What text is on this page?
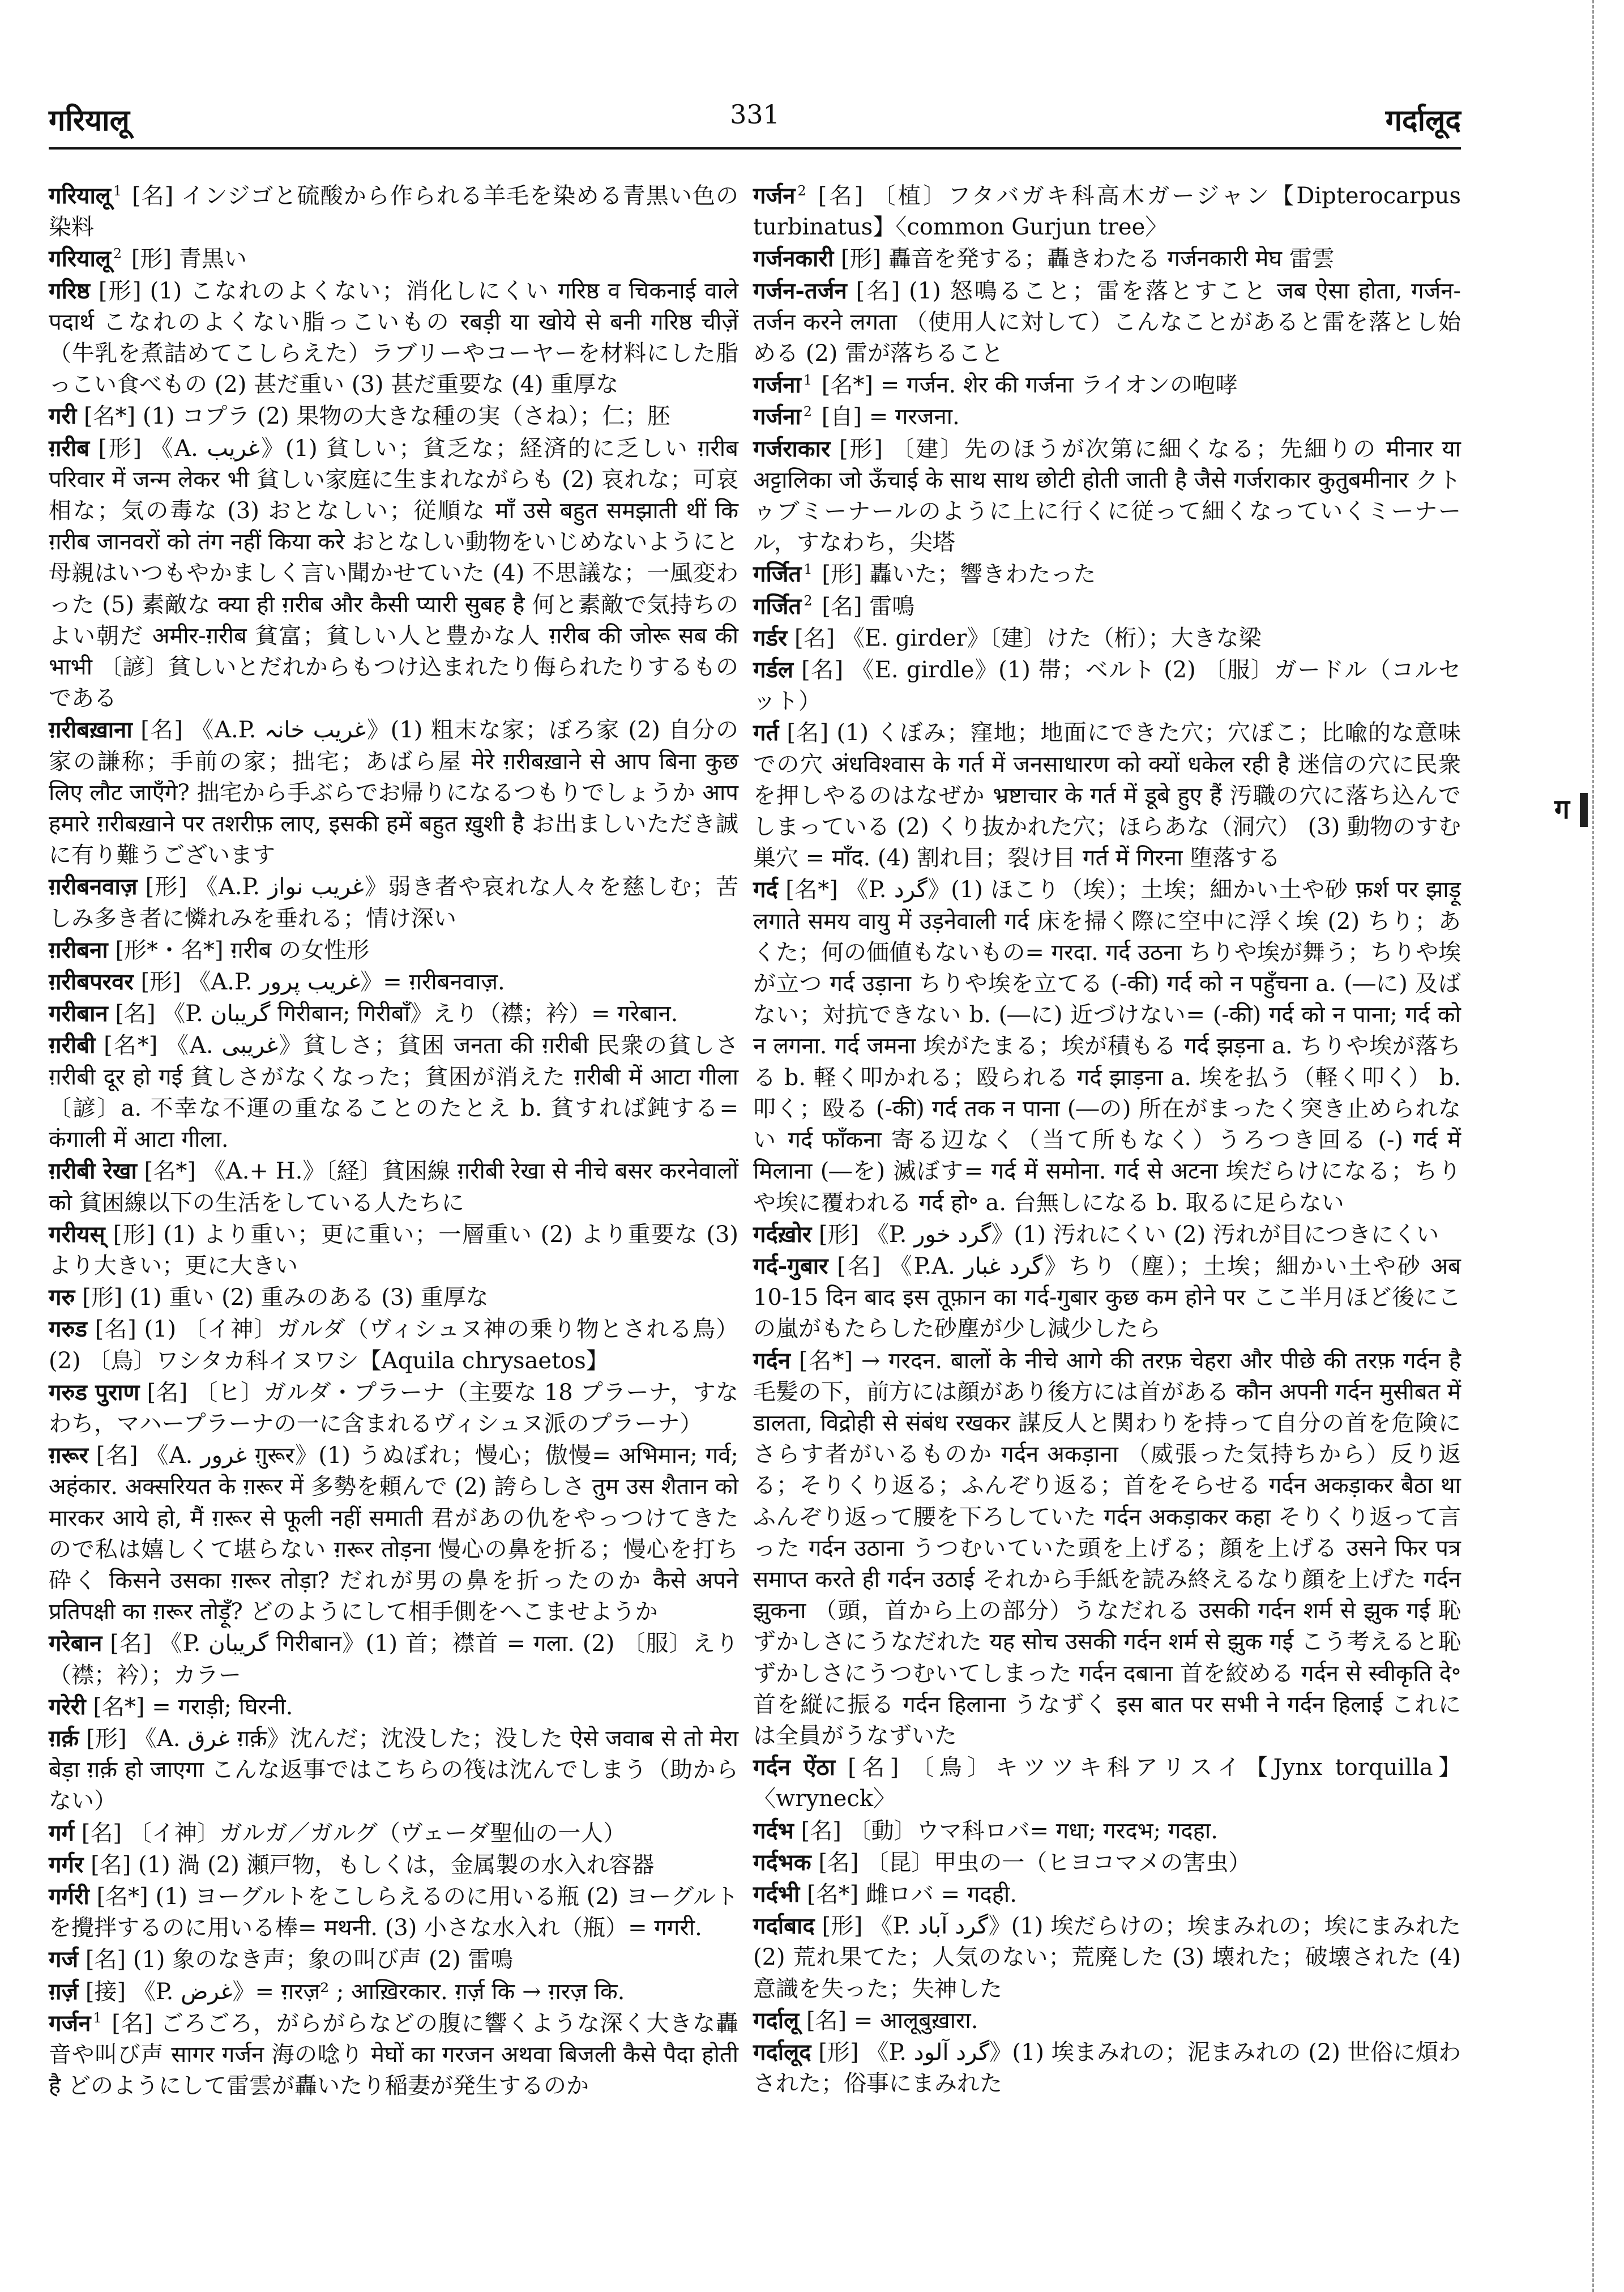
गरियालू	331	गर्दालूद

गरियालू $^1$ [名] インジゴと硫酸から作られる羊毛を染める青黒い色の染料

गरियालू $^2$ [形] 青黒い

गरिष्ठ [形] (1) こなれのよくない；消化しにくい गरिष्ठ व चिकनाई वाले पदार्थ こなれのよくない脂っこいもの रबड़ी या खोये से बनी गरिष्ठ चीज़ें （牛乳を煮詰めてこしらえた）ラブリーやコーヤーを材料にした脂っこい食べもの (2) 甚だ重い (3) 甚だ重要な (4) 重厚な

गरी [名*] (1) コプラ (2) 果物の大きな種の実（さね）；仁；胚

ग़रीब [形] 《A. غریب》(1) 貧しい；貧乏な；経済的に乏しい ग़रीब परिवार में जन्म लेकर भी 貧しい家庭に生まれながらも (2) 哀れな；可哀相な；気の毒な (3) おとなしい；従順な माँ उसे बहुत समझाती थीं कि ग़रीब जानवरों को तंग नहीं किया करे おとなしい動物をいじめないようにと母親はいつもやかましく言い聞かせていた (4) 不思議な；一風変わった (5) 素敵な क्या ही ग़रीब और कैसी प्यारी सुबह है 何と素敵で気持ちのよい朝だ अमीर-ग़रीब 貧富；貧しい人と豊かな人 ग़रीब की जोरू सब की भाभी 〔諺〕貧しいとだれからもつけ込まれたり侮られたりするものである

ग़रीबख़ाना [名] 《A.P. غریب خانہ》(1) 粗末な家；ぼろ家 (2) 自分の家の謙称；手前の家；拙宅；あばら屋 मेरे ग़रीबख़ाने से आप बिना कुछ लिए लौट जाएँगे? 拙宅から手ぶらでお帰りになるつもりでしょうか आप हमारे ग़रीबख़ाने पर तशरीफ़ लाए, इसकी हमें बहुत ख़ुशी है お出ましいただき誠に有り難うございます

ग़रीबनवाज़ [形] 《A.P. غریب نواز》弱き者や哀れな人々を慈しむ；苦しみ多き者に憐れみを垂れる；情け深い

ग़रीबना [形*・名*] ग़रीब の女性形

ग़रीबपरवर [形] 《A.P. غریب پرور》= ग़रीबनवाज़.

गरीबान [名] 《P. گریبان गिरीबान; गिरीबाँ》えり（襟；衿）= गरेबान.

ग़रीबी [名*] 《A. غریبی》貧しさ；貧困 जनता की ग़रीबी 民衆の貧しさ ग़रीबी दूर हो गई 貧しさがなくなった；貧困が消えた ग़रीबी में आटा गीला 〔諺〕a. 不幸な不運の重なることのたとえ b. 貧すれば鈍する= कंगाली में आटा गीला.

ग़रीबी रेखा [名*] 《A.+ H.》〔経〕貧困線 ग़रीबी रेखा से नीचे बसर करनेवालों को 貧困線以下の生活をしている人たちに

गरीयस् [形] (1) より重い；更に重い；一層重い (2) より重要な (3) より大きい；更に大きい

गरु [形] (1) 重い (2) 重みのある (3) 重厚な

गरुड [名] (1) 〔イ神〕ガルダ（ヴィシュヌ神の乗り物とされる鳥） (2) 〔鳥〕ワシタカ科イヌワシ【Aquila chrysaetos】

गरुड पुराण [名] 〔ヒ〕ガルダ・プラーナ（主要な 18 プラーナ，すなわち，マハープラーナの一に含まれるヴィシュヌ派のプラーナ）

ग़रूर [名] 《A. غرور ग़ुरूर》(1) うぬぼれ；慢心；傲慢= अभिमान; गर्व; अहंकार. अक्सरियत के ग़रूर में 多勢を頼んで (2) 誇らしさ तुम उस शैतान को मारकर आये हो, मैं ग़रूर से फूली नहीं समाती 君があの仇をやっつけてきたので私は嬉しくて堪らない ग़रूर तोड़ना 慢心の鼻を折る；慢心を打ち砕く किसने उसका ग़रूर तोड़ा? だれが男の鼻を折ったのか कैसे अपने प्रतिपक्षी का ग़रूर तोड़ूँ? どのようにして相手側をへこませようか

गरेबान [名] 《P. گریبان गिरीबान》(1) 首；襟首 = गला. (2) 〔服〕えり（襟；衿）；カラー

गरेरी [名*] = गराड़ी; घिरनी.

ग़र्क़ [形] 《A. غرق ग़र्क़》沈んだ；沈没した；没した ऐसे जवाब से तो मेरा बेड़ा ग़र्क़ हो जाएगा こんな返事ではこちらの筏は沈んでしまう（助からない）

गर्ग [名] 〔イ神〕ガルガ／ガルグ（ヴェーダ聖仙の一人）

गर्गर [名] (1) 渦 (2) 瀬戸物，もしくは，金属製の水入れ容器

गर्गरी [名*] (1) ヨーグルトをこしらえるのに用いる瓶 (2) ヨーグルトを攪拌するのに用いる棒= मथनी. (3) 小さな水入れ（瓶）= गगरी.

गर्ज [名] (1) 象のなき声；象の叫び声 (2) 雷鳴

ग़र्ज़ [接] 《P. غرض》= ग़रज़² ; आख़िरकार. ग़र्ज़ कि → ग़रज़ कि.

गर्जन $^1$ [名] ごろごろ，がらがらなどの腹に響くような深く大きな轟音や叫び声 सागर गर्जन 海の唸り मेघों का गरजन अथवा बिजली कैसे पैदा होती है どのようにして雷雲が轟いたり稲妻が発生するのか

गर्जन $^2$ [名] 〔植〕フタバガキ科高木ガージャン【Dipterocarpus turbinatus】〈common Gurjun tree〉

गर्जनकारी [形] 轟音を発する；轟きわたる गर्जनकारी मेघ 雷雲

गर्जन-तर्जन [名] (1) 怒鳴ること；雷を落とすこと जब ऐसा होता, गर्जन-तर्जन करने लगता （使用人に対して）こんなことがあると雷を落とし始める (2) 雷が落ちること

गर्जना $^1$ [名*] = गर्जन. शेर की गर्जना ライオンの咆哮

गर्जना $^2$ [自] = गरजना.

गर्जराकार [形] 〔建〕先のほうが次第に細くなる；先細りの मीनार या अट्टालिका जो ऊँचाई के साथ साथ छोटी होती जाती है जैसे गर्जराकार कुतुबमीनार クトゥブミーナールのように上に行くに従って細くなっていくミーナール，すなわち，尖塔

गर्जित $^1$ [形] 轟いた；響きわたった

गर्जित $^2$ [名] 雷鳴

गर्डर [名] 《E. girder》〔建〕けた（桁）；大きな梁

गर्डल [名] 《E. girdle》(1) 帯；ベルト (2) 〔服〕ガードル（コルセット）

गर्त [名] (1) くぼみ；窪地；地面にできた穴；穴ぼこ；比喩的な意味での穴 अंधविश्वास के गर्त में जनसाधारण को क्यों धकेल रही है 迷信の穴に民衆を押しやるのはなぜか भ्रष्टाचार के गर्त में डूबे हुए हैं 汚職の穴に落ち込んでしまっている (2) くり抜かれた穴；ほらあな（洞穴） (3) 動物のすむ巣穴 = माँद. (4) 割れ目；裂け目 गर्त में गिरना 堕落する

गर्द [名*] 《P. گرد》(1) ほこり（埃）；土埃；細かい土や砂 फ़र्श पर झाड़ू लगाते समय वायु में उड़नेवाली गर्द 床を掃く際に空中に浮く埃 (2) ちり；あくた；何の価値もないもの= गरदा. गर्द उठना ちりや埃が舞う；ちりや埃が立つ गर्द उड़ाना ちりや埃を立てる (-की) गर्द को न पहुँचना a. (―に) 及ばない；対抗できない b. (―に) 近づけない= (-की) गर्द को न पाना; गर्द को न लगना. गर्द जमना 埃がたまる；埃が積もる गर्द झड़ना a. ちりや埃が落ちる b. 軽く叩かれる；殴られる गर्द झाड़ना a. 埃を払う（軽く叩く） b. 叩く；殴る (-की) गर्द तक न पाना (―の) 所在がまったく突き止められない गर्द फाँकना 寄る辺なく（当て所もなく）うろつき回る (-) गर्द में मिलाना (―を) 滅ぼす= गर्द में समोना. गर्द से अटना 埃だらけになる；ちりや埃に覆われる गर्द हो॰ a. 台無しになる b. 取るに足らない

गर्दख़ोर [形] 《P. گرد خور》(1) 汚れにくい (2) 汚れが目につきにくい

गर्द-गुबार [名] 《P.A. گرد غبار》ちり（塵）；土埃；細かい土や砂 अब 10-15 दिन बाद इस तूफ़ान का गर्द-गुबार कुछ कम होने पर ここ半月ほど後にこの嵐がもたらした砂塵が少し減少したら

गर्दन [名*] → गरदन. बालों के नीचे आगे की तरफ़ चेहरा और पीछे की तरफ़ गर्दन है 毛髪の下，前方には顔があり後方には首がある कौन अपनी गर्दन मुसीबत में डालता, विद्रोही से संबंध रखकर 謀反人と関わりを持って自分の首を危険にさらす者がいるものか गर्दन अकड़ाना （威張った気持ちから）反り返る；そりくり返る；ふんぞり返る；首をそらせる गर्दन अकड़ाकर बैठा था ふんぞり返って腰を下ろしていた गर्दन अकड़ाकर कहा そりくり返って言った गर्दन उठाना うつむいていた頭を上げる；顔を上げる उसने फिर पत्र समाप्त करते ही गर्दन उठाई それから手紙を読み終えるなり顔を上げた गर्दन झुकना （頭，首から上の部分）うなだれる उसकी गर्दन शर्म से झुक गई 恥ずかしさにうなだれた यह सोच उसकी गर्दन शर्म से झुक गई こう考えると恥ずかしさにうつむいてしまった गर्दन दबाना 首を絞める गर्दन से स्वीकृति दे॰ 首を縦に振る गर्दन हिलाना うなずく इस बात पर सभी ने गर्दन हिलाई これには全員がうなずいた

गर्दन ऐंठा [名] 〔鳥〕キツツキ科アリスイ【Jynx torquilla】〈wryneck〉

गर्दभ [名] 〔動〕ウマ科ロバ= गधा; गरदभ; गदहा.

गर्दभक [名] 〔昆〕甲虫の一（ヒヨコマメの害虫）

गर्दभी [名*] 雌ロバ = गदही.

गर्दाबाद [形] 《P. گرد آباد》(1) 埃だらけの；埃まみれの；埃にまみれた (2) 荒れ果てた；人気のない；荒廃した (3) 壊れた；破壊された (4) 意識を失った；失神した

गर्दालू [名] = आलूबुख़ारा.

गर्दालूद [形] 《P. گرد آلود》(1) 埃まみれの；泥まみれの (2) 世俗に煩わされた；俗事にまみれた

ग
